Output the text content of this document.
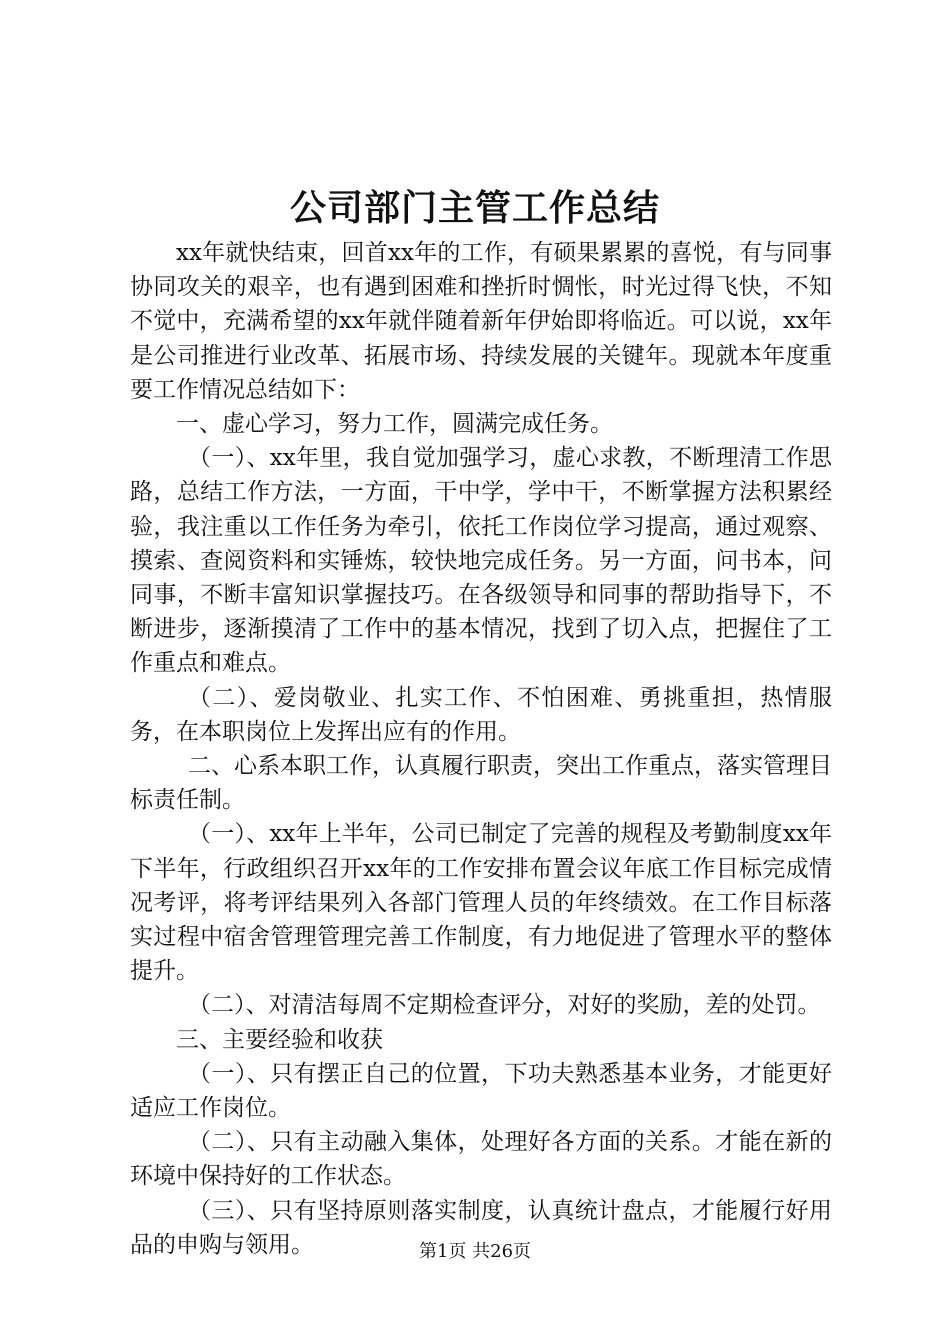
公司部门主管工作总结

xx年就快结束，回首xx年的工作，有硕果累累的喜悦，有与同事协同攻关的艰辛，也有遇到困难和挫折时惆怅，时光过得飞快，不知不觉中，充满希望的xx年就伴随着新年伊始即将临近。可以说，xx年是公司推进行业改革、拓展市场、持续发展的关键年。现就本年度重要工作情况总结如下：

一、虚心学习，努力工作，圆满完成任务。

（一）、xx年里，我自觉加强学习，虚心求教，不断理清工作思路，总结工作方法，一方面，干中学，学中干，不断掌握方法积累经验，我注重以工作任务为牵引，依托工作岗位学习提高，通过观察、摸索、查阅资料和实锤炼，较快地完成任务。另一方面，问书本，问同事，不断丰富知识掌握技巧。在各级领导和同事的帮助指导下，不断进步，逐渐摸清了工作中的基本情况，找到了切入点，把握住了工作重点和难点。

（二）、爱岗敬业、扎实工作、不怕困难、勇挑重担，热情服务，在本职岗位上发挥出应有的作用。

二、心系本职工作，认真履行职责，突出工作重点，落实管理目标责任制。

（一）、xx年上半年，公司已制定了完善的规程及考勤制度xx年下半年，行政组织召开xx年的工作安排布置会议年底工作目标完成情况考评，将考评结果列入各部门管理人员的年终绩效。在工作目标落实过程中宿舍管理管理完善工作制度，有力地促进了管理水平的整体提升。

（二）、对清洁每周不定期检查评分，对好的奖励，差的处罚。

三、主要经验和收获

（一）、只有摆正自己的位置，下功夫熟悉基本业务，才能更好适应工作岗位。

（二）、只有主动融入集体，处理好各方面的关系。才能在新的环境中保持好的工作状态。

（三）、只有坚持原则落实制度，认真统计盘点，才能履行好用品的申购与领用。	第1页 共26页
